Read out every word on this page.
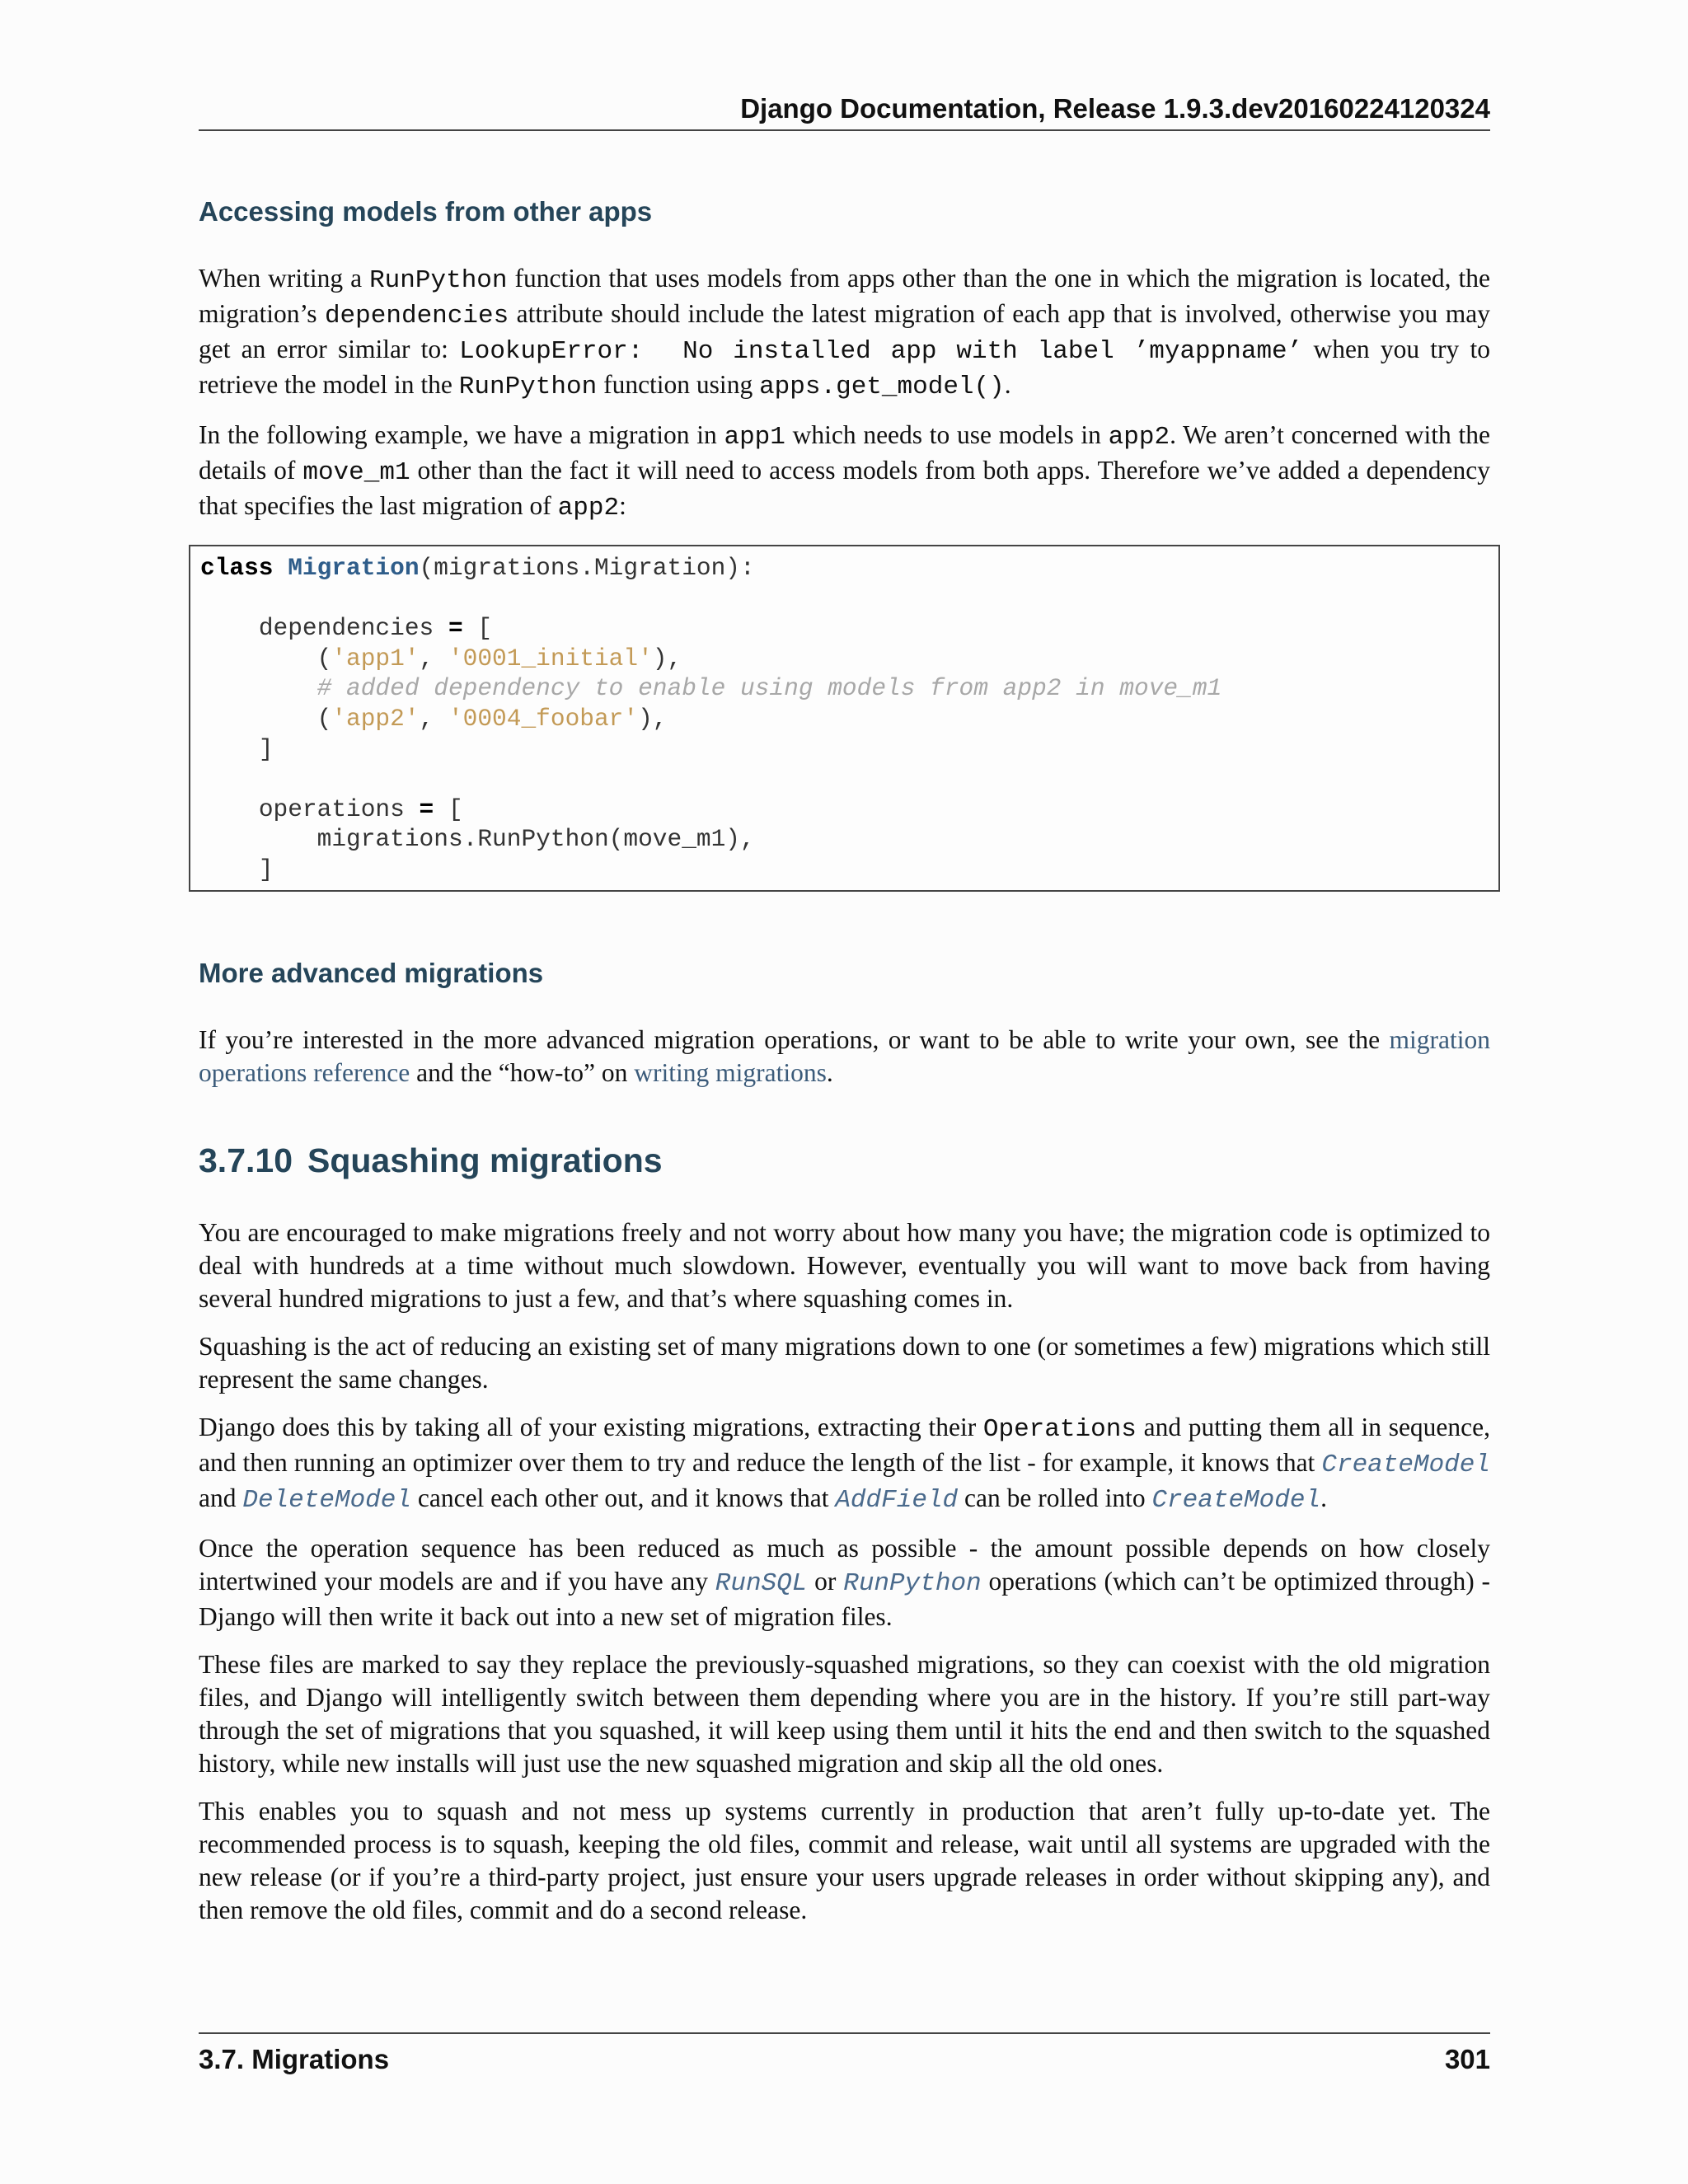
Django Documentation, Release 1.9.3.dev20160224120324
Accessing models from other apps

When writing a RunPython function that uses models from apps other than the one in which the migration is located, the migration’s dependencies attribute should include the latest migration of each app that is involved, otherwise you may get an error similar to: LookupError:  No installed app with label ’myappname’ when you try to retrieve the model in the RunPython function using apps.get_model().

In the following example, we have a migration in app1 which needs to use models in app2. We aren’t concerned with the details of move_m1 other than the fact it will need to access models from both apps. Therefore we’ve added a dependency that specifies the last migration of app2:

class Migration(migrations.Migration):

dependencies = [
('app1', '0001_initial'),
# added dependency to enable using models from app2 in move_m1
('app2', '0004_foobar'),
]

operations = [
migrations.RunPython(move_m1),
]
More advanced migrations

If you’re interested in the more advanced migration operations, or want to be able to write your own, see the migration operations reference and the “how-to” on writing migrations.

3.7.10 Squashing migrations

You are encouraged to make migrations freely and not worry about how many you have; the migration code is optimized to deal with hundreds at a time without much slowdown. However, eventually you will want to move back from having several hundred migrations to just a few, and that’s where squashing comes in.

Squashing is the act of reducing an existing set of many migrations down to one (or sometimes a few) migrations which still represent the same changes.

Django does this by taking all of your existing migrations, extracting their Operations and putting them all in sequence, and then running an optimizer over them to try and reduce the length of the list - for example, it knows that CreateModel and DeleteModel cancel each other out, and it knows that AddField can be rolled into CreateModel.

Once the operation sequence has been reduced as much as possible - the amount possible depends on how closely intertwined your models are and if you have any RunSQL or RunPython operations (which can’t be optimized through) - Django will then write it back out into a new set of migration files.

These files are marked to say they replace the previously-squashed migrations, so they can coexist with the old migration files, and Django will intelligently switch between them depending where you are in the history. If you’re still part-way through the set of migrations that you squashed, it will keep using them until it hits the end and then switch to the squashed history, while new installs will just use the new squashed migration and skip all the old ones.

This enables you to squash and not mess up systems currently in production that aren’t fully up-to-date yet. The recommended process is to squash, keeping the old files, commit and release, wait until all systems are upgraded with the new release (or if you’re a third-party project, just ensure your users upgrade releases in order without skipping any), and then remove the old files, commit and do a second release.

3.7. Migrations	301
